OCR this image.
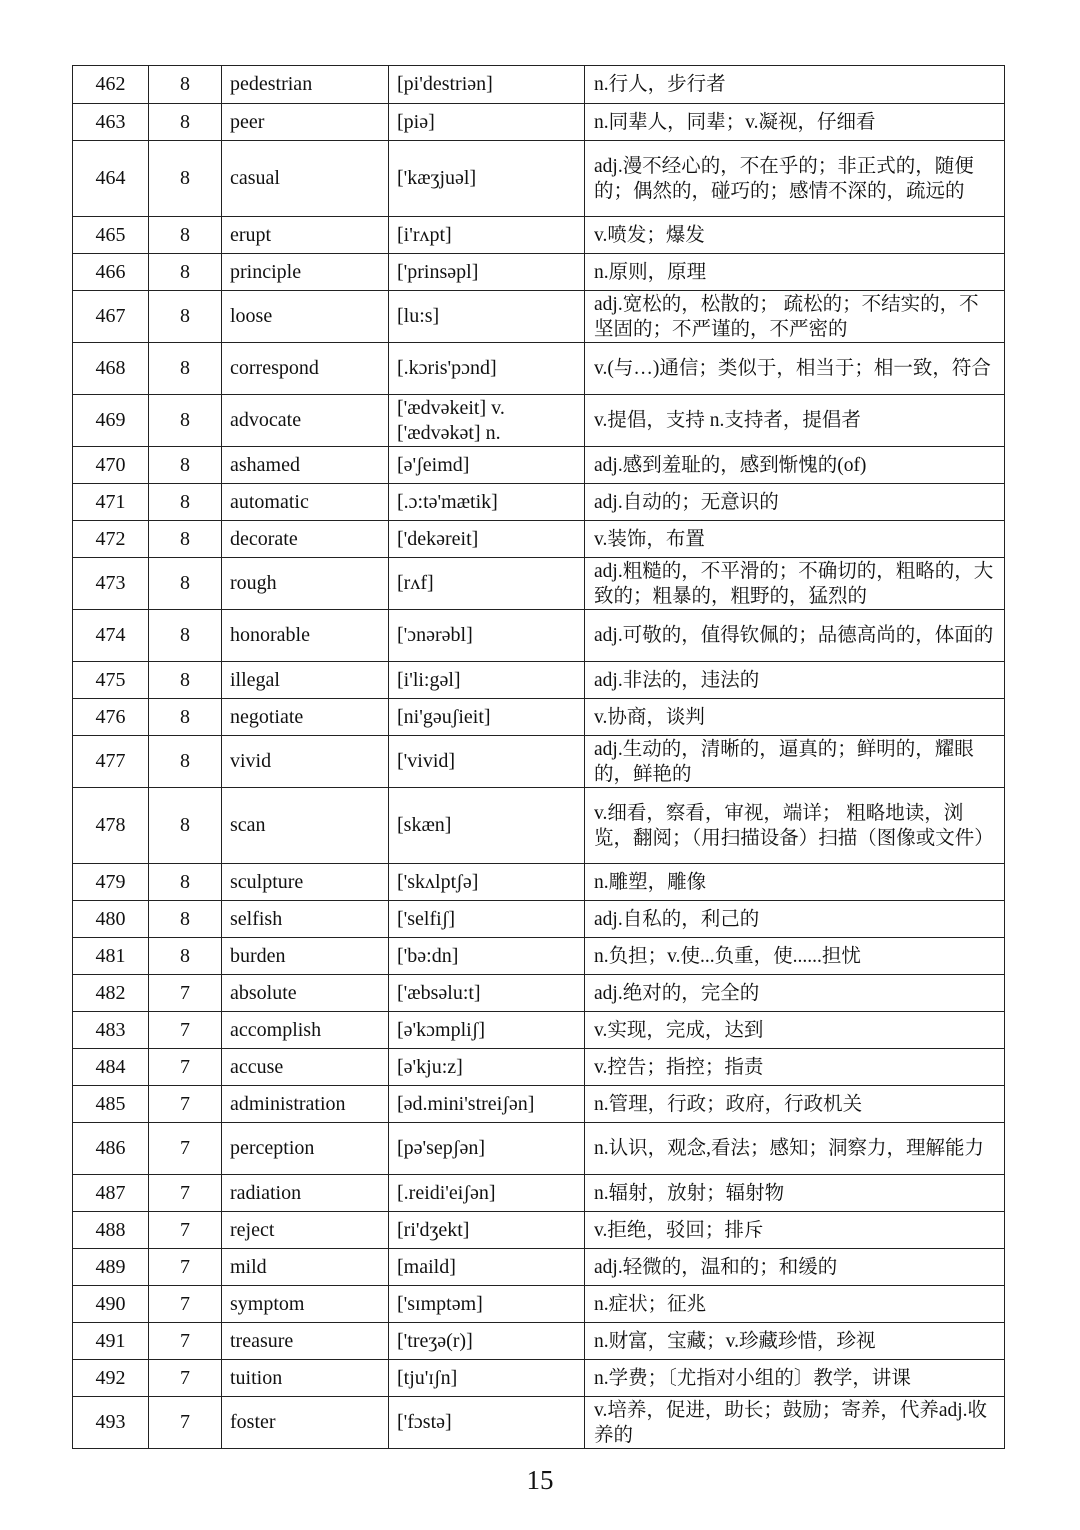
462	8	pedestrian	[pi'destriən]	n.行人，步行者
463	8	peer	[piə]	n.同辈人，同辈；v.凝视，仔细看
464	8	casual	['kæʒjuəl]	adj.漫不经心的，不在乎的；非正式的，随便的；偶然的，碰巧的；感情不深的，疏远的
465	8	erupt	[i'rʌpt]	v.喷发；爆发
466	8	principle	['prinsəpl]	n.原则，原理
467	8	loose	[lu:s]	adj.宽松的，松散的； 疏松的；不结实的，不坚固的；不严谨的，不严密的
468	8	correspond	[.kɔris'pɔnd]	v.(与…)通信；类似于，相当于；相一致，符合
469	8	advocate	['ædvəkeit] v. ['ædvəkət] n.	v.提倡，支持 n.支持者，提倡者
470	8	ashamed	[ə'ʃeimd]	adj.感到羞耻的，感到惭愧的(of)
471	8	automatic	[.ɔ:tə'mætik]	adj.自动的；无意识的
472	8	decorate	['dekəreit]	v.装饰，布置
473	8	rough	[rʌf]	adj.粗糙的，不平滑的；不确切的，粗略的，大致的；粗暴的，粗野的，猛烈的
474	8	honorable	['ɔnərəbl]	adj.可敬的，值得钦佩的；品德高尚的，体面的
475	8	illegal	[i'li:gəl]	adj.非法的，违法的
476	8	negotiate	[ni'gəuʃieit]	v.协商，谈判
477	8	vivid	['vivid]	adj.生动的，清晰的，逼真的；鲜明的，耀眼的，鲜艳的
478	8	scan	[skæn]	v.细看，察看，审视，端详； 粗略地读，浏览，翻阅；（用扫描设备）扫描（图像或文件）
479	8	sculpture	['skʌlptʃə]	n.雕塑，雕像
480	8	selfish	['selfiʃ]	adj.自私的，利己的
481	8	burden	['bə:dn]	n.负担；v.使...负重，使......担忧
482	7	absolute	['æbsəlu:t]	adj.绝对的，完全的
483	7	accomplish	[ə'kɔmpliʃ]	v.实现，完成，达到
484	7	accuse	[ə'kju:z]	v.控告；指控；指责
485	7	administration	[əd.mini'streiʃən]	n.管理，行政；政府，行政机关
486	7	perception	[pə'sepʃən]	n.认识，观念,看法；感知；洞察力，理解能力
487	7	radiation	[.reidi'eiʃən]	n.辐射，放射；辐射物
488	7	reject	[ri'dʒekt]	v.拒绝，驳回；排斥
489	7	mild	[maild]	adj.轻微的，温和的；和缓的
490	7	symptom	['sɪmptəm]	n.症状；征兆
491	7	treasure	['treʒə(r)]	n.财富，宝藏；v.珍藏珍惜，珍视
492	7	tuition	[tju'ɪʃn]	n.学费；〔尤指对小组的〕教学，讲课
493	7	foster	['fɔstə]	v.培养，促进，助长；鼓励；寄养，代养adj.收养的
15
